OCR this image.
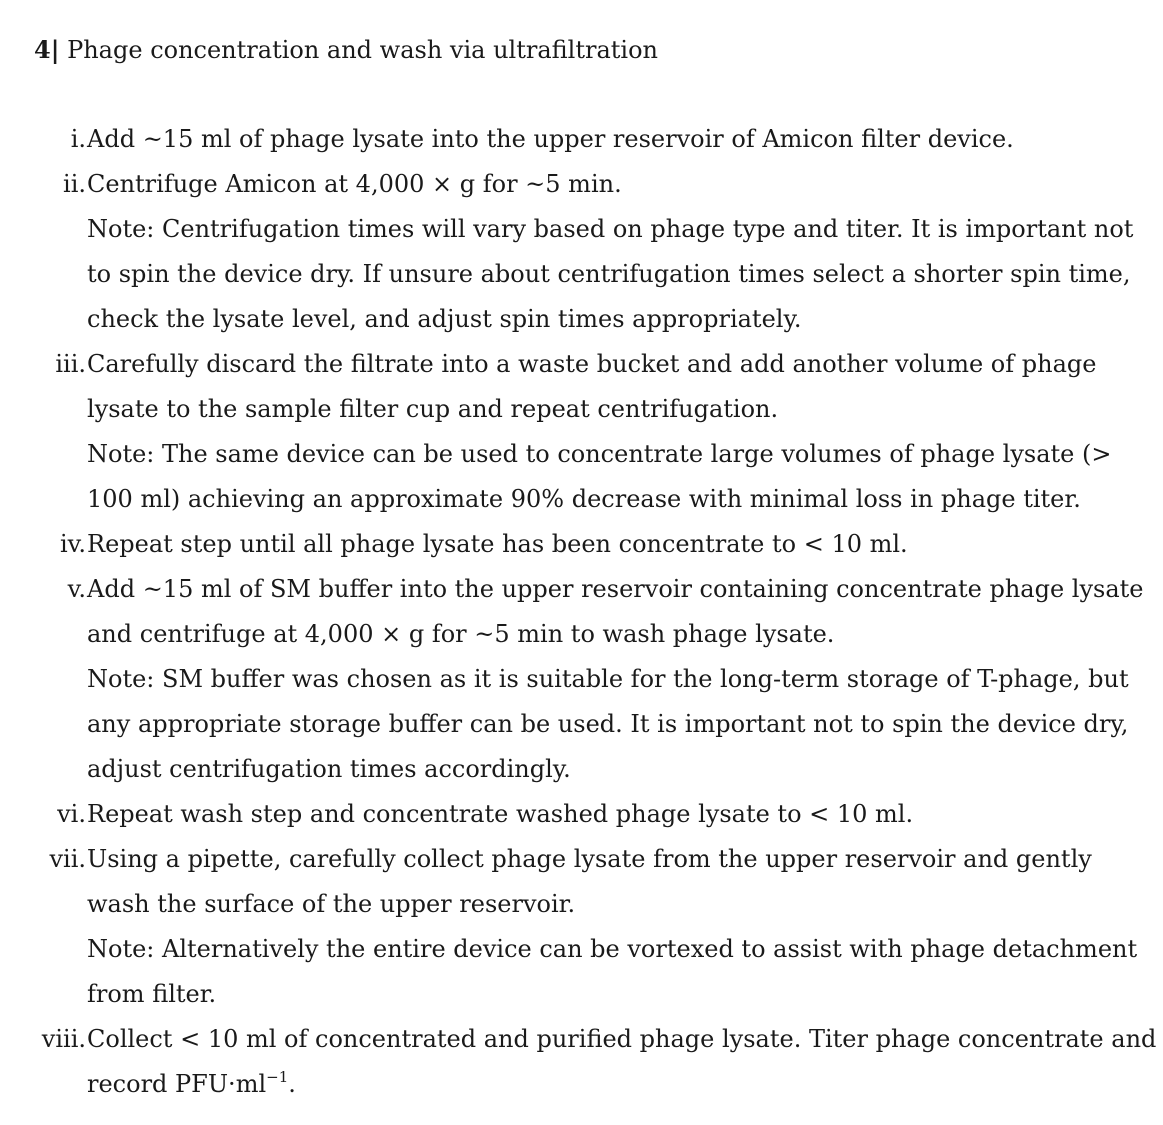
4| Phage concentration and wash via ultrafiltration
i. Add ~15 ml of phage lysate into the upper reservoir of Amicon filter device.
ii. Centrifuge Amicon at 4,000 × g for ~5 min.
Note: Centrifugation times will vary based on phage type and titer. It is important not to spin the device dry. If unsure about centrifugation times select a shorter spin time, check the lysate level, and adjust spin times appropriately.
iii. Carefully discard the filtrate into a waste bucket and add another volume of phage lysate to the sample filter cup and repeat centrifugation.
Note: The same device can be used to concentrate large volumes of phage lysate (> 100 ml) achieving an approximate 90% decrease with minimal loss in phage titer.
iv. Repeat step until all phage lysate has been concentrate to < 10 ml.
v. Add ~15 ml of SM buffer into the upper reservoir containing concentrate phage lysate and centrifuge at 4,000 × g for ~5 min to wash phage lysate.
Note: SM buffer was chosen as it is suitable for the long-term storage of T-phage, but any appropriate storage buffer can be used. It is important not to spin the device dry, adjust centrifugation times accordingly.
vi. Repeat wash step and concentrate washed phage lysate to < 10 ml.
vii. Using a pipette, carefully collect phage lysate from the upper reservoir and gently wash the surface of the upper reservoir.
Note: Alternatively the entire device can be vortexed to assist with phage detachment from filter.
viii. Collect < 10 ml of concentrated and purified phage lysate. Titer phage concentrate and record $PFU\cdot ml^{-1}$.
